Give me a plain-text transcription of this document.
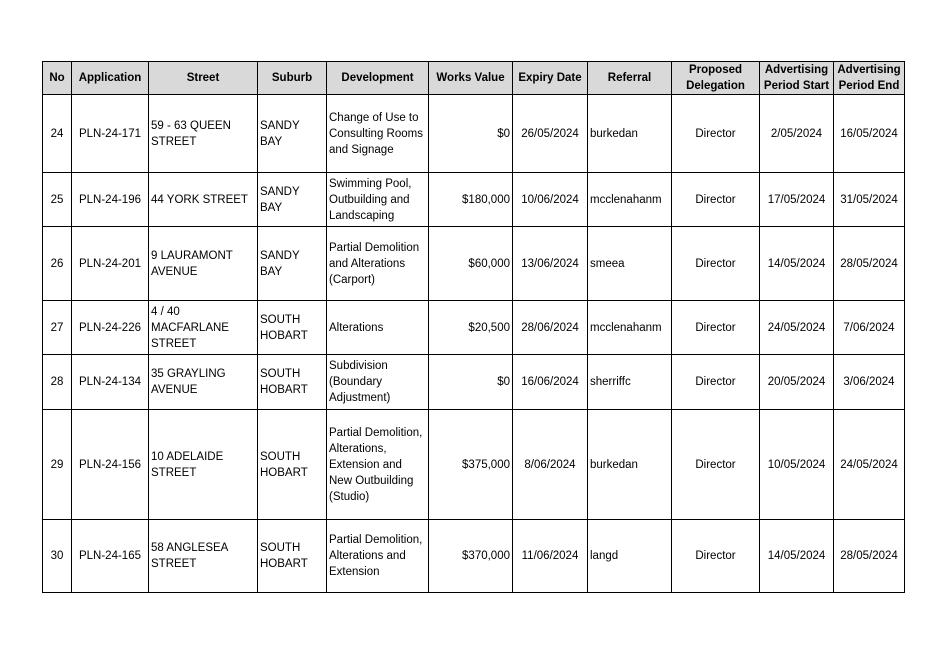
No	Application	Street	Suburb	Development	Works Value	Expiry Date	Referral	Proposed Delegation	Advertising Period Start	Advertising Period End
24	PLN-24-171	59 - 63 QUEEN STREET	SANDY BAY	Change of Use to Consulting Rooms and Signage	$0	26/05/2024	burkedan	Director	2/05/2024	16/05/2024
25	PLN-24-196	44 YORK STREET	SANDY BAY	Swimming Pool, Outbuilding and Landscaping	$180,000	10/06/2024	mcclenahanm	Director	17/05/2024	31/05/2024
26	PLN-24-201	9 LAURAMONT AVENUE	SANDY BAY	Partial Demolition and Alterations (Carport)	$60,000	13/06/2024	smeea	Director	14/05/2024	28/05/2024
27	PLN-24-226	4 / 40 MACFARLANE STREET	SOUTH HOBART	Alterations	$20,500	28/06/2024	mcclenahanm	Director	24/05/2024	7/06/2024
28	PLN-24-134	35 GRAYLING AVENUE	SOUTH HOBART	Subdivision (Boundary Adjustment)	$0	16/06/2024	sherriffc	Director	20/05/2024	3/06/2024
29	PLN-24-156	10 ADELAIDE STREET	SOUTH HOBART	Partial Demolition, Alterations, Extension and New Outbuilding (Studio)	$375,000	8/06/2024	burkedan	Director	10/05/2024	24/05/2024
30	PLN-24-165	58 ANGLESEA STREET	SOUTH HOBART	Partial Demolition, Alterations and Extension	$370,000	11/06/2024	langd	Director	14/05/2024	28/05/2024
